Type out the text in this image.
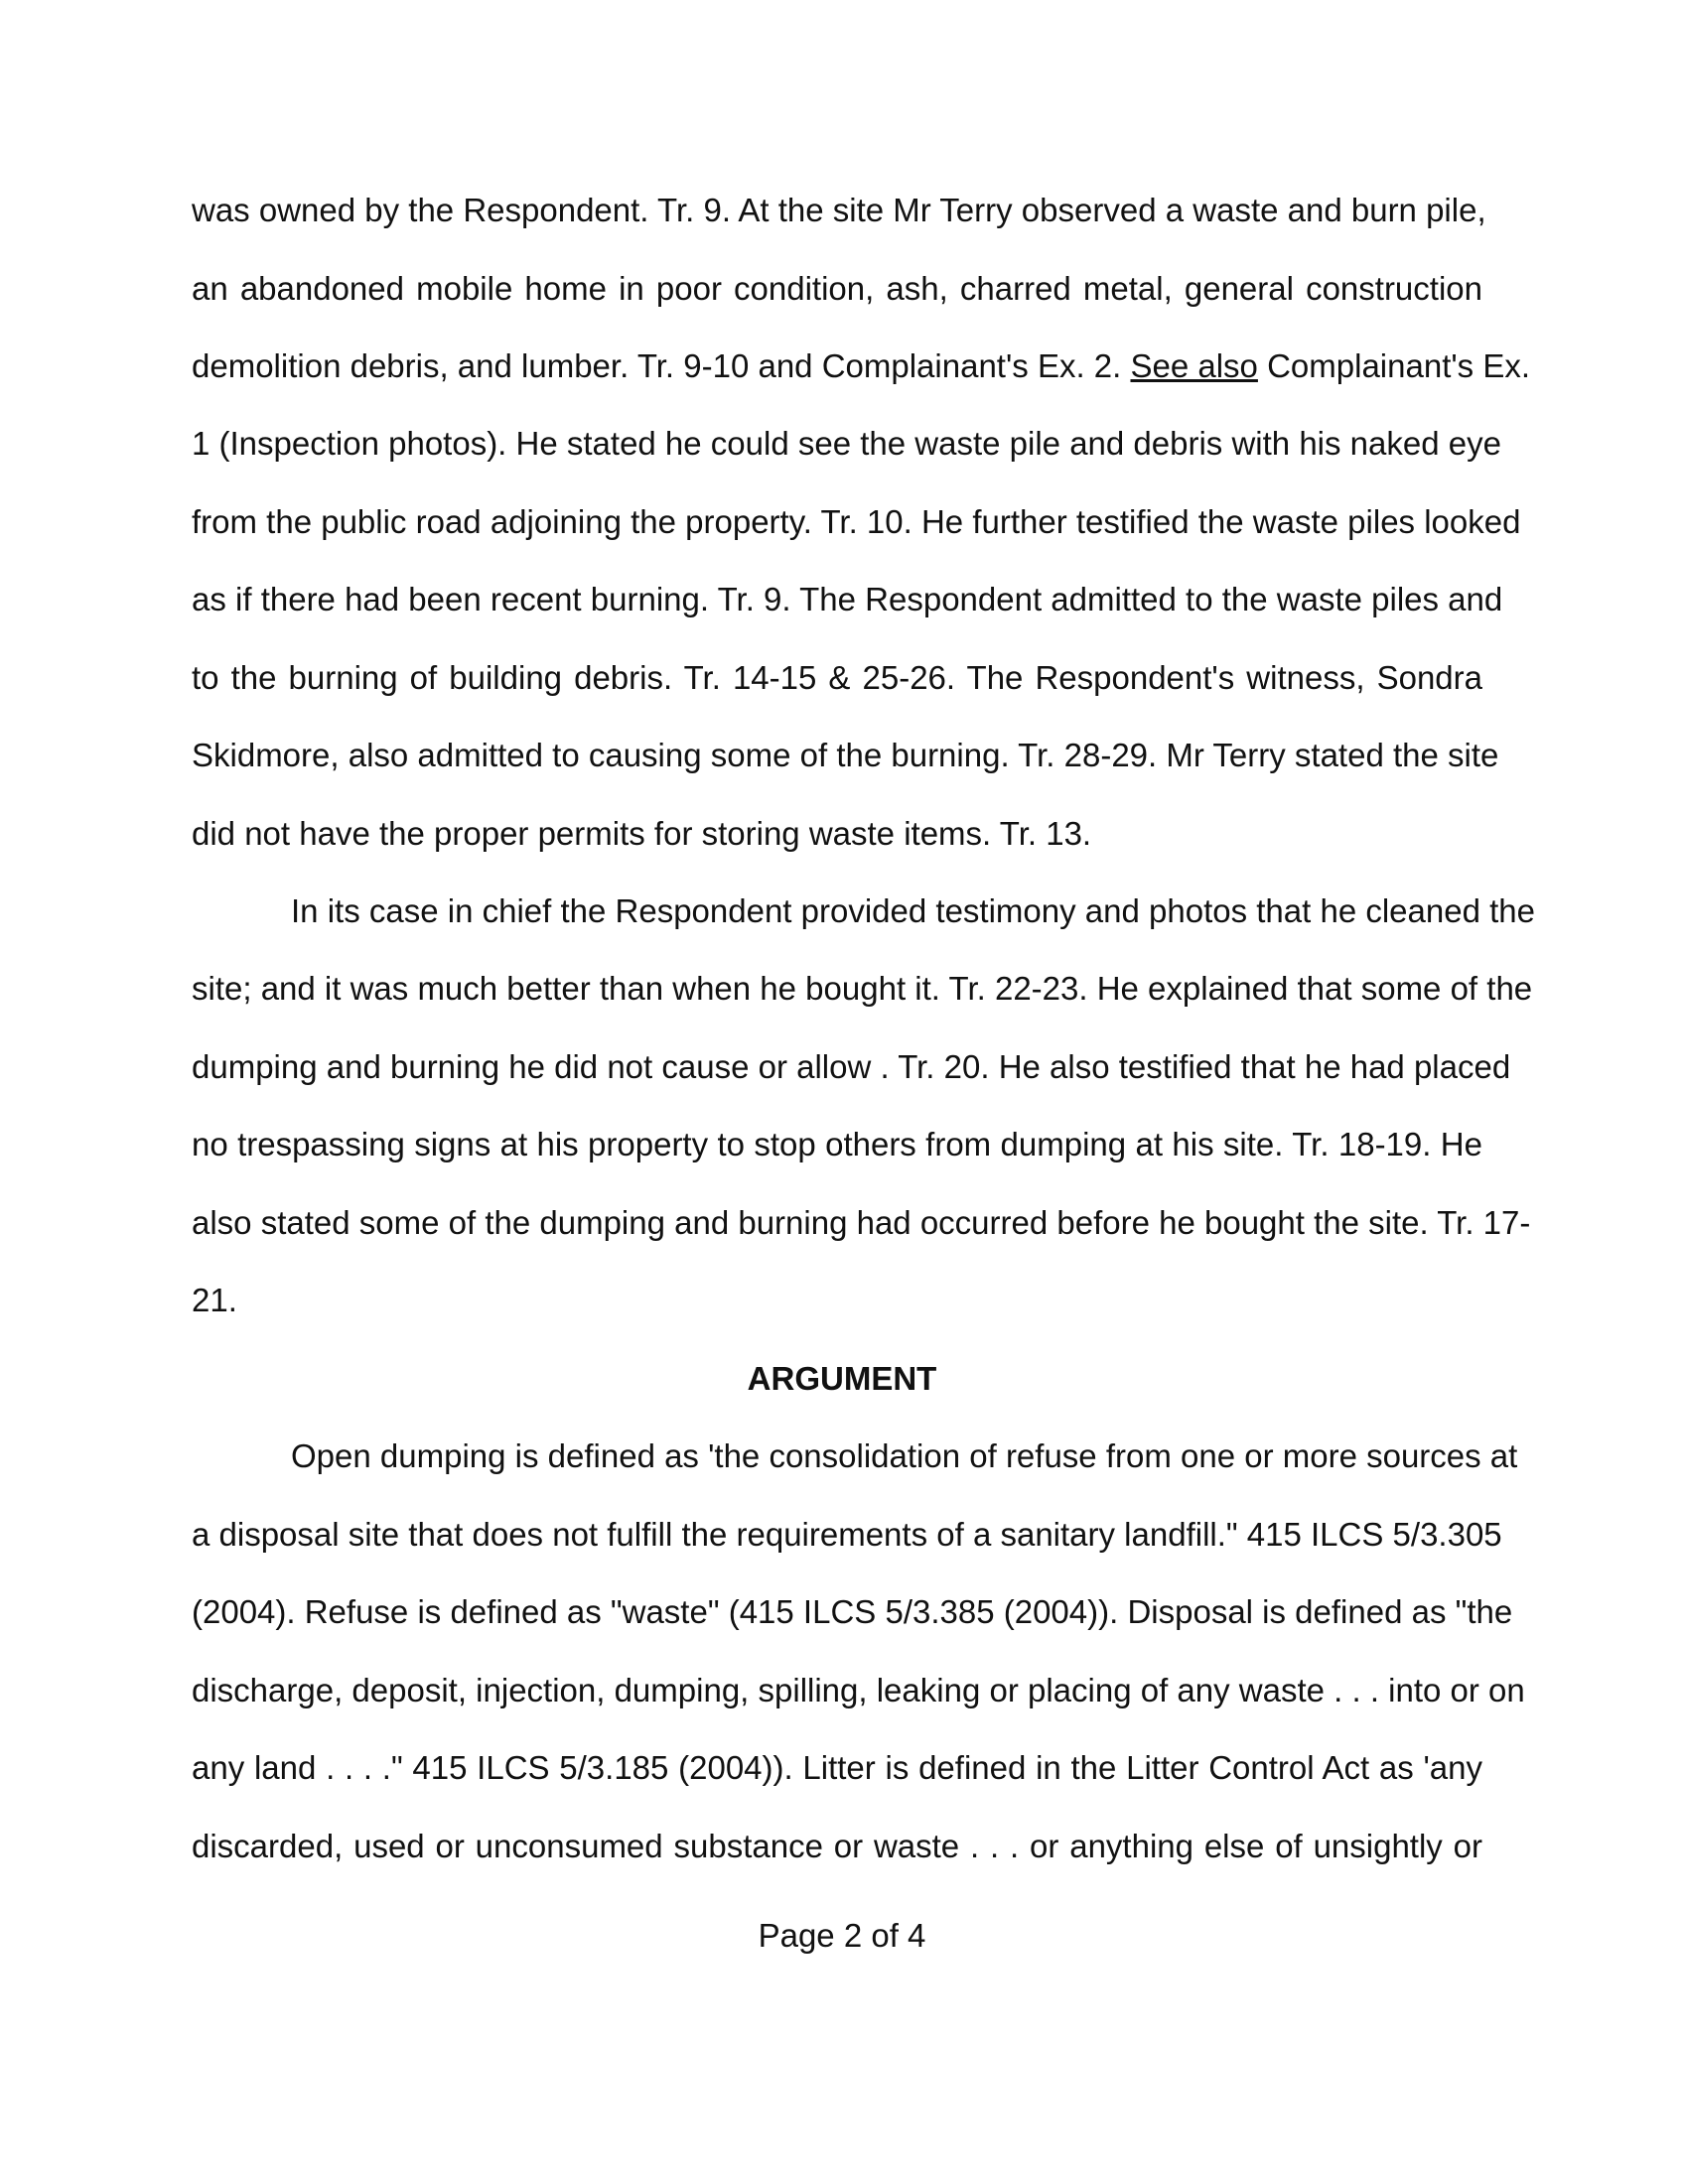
was owned by the Respondent. Tr. 9. At the site Mr Terry observed a waste and burn pile,
an abandoned mobile home in poor condition, ash, charred metal, general construction
demolition debris, and lumber. Tr. 9-10 and Complainant's Ex. 2. See also Complainant's Ex.
1 (Inspection photos). He stated he could see the waste pile and debris with his naked eye
from the public road adjoining the property. Tr. 10. He further testified the waste piles looked
as if there had been recent burning. Tr. 9. The Respondent admitted to the waste piles and
to the burning of building debris. Tr. 14-15 & 25-26. The Respondent's witness, Sondra
Skidmore, also admitted to causing some of the burning. Tr. 28-29. Mr Terry stated the site
did not have the proper permits for storing waste items. Tr. 13.
In its case in chief the Respondent provided testimony and photos that he cleaned the
site; and it was much better than when he bought it. Tr. 22-23. He explained that some of the
dumping and burning he did not cause or allow . Tr. 20. He also testified that he had placed
no trespassing signs at his property to stop others from dumping at his site. Tr. 18-19. He
also stated some of the dumping and burning had occurred before he bought the site. Tr. 17-
21.
ARGUMENT
Open dumping is defined as 'the consolidation of refuse from one or more sources at
a disposal site that does not fulfill the requirements of a sanitary landfill." 415 ILCS 5/3.305
(2004). Refuse is defined as "waste" (415 ILCS 5/3.385 (2004)). Disposal is defined as "the
discharge, deposit, injection, dumping, spilling, leaking or placing of any waste . . . into or on
any land . . . ." 415 ILCS 5/3.185 (2004)). Litter is defined in the Litter Control Act as 'any
discarded, used or unconsumed substance or waste . . . or anything else of unsightly or
Page 2 of 4
